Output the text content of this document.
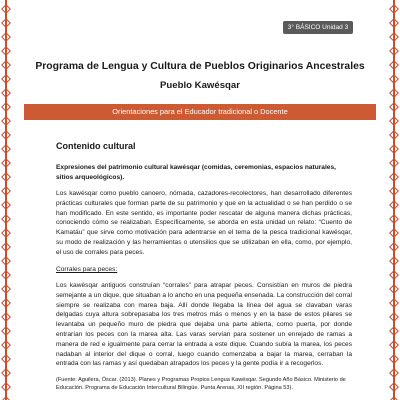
3° BÁSICO Unidad 3
Programa de Lengua y Cultura de Pueblos Originarios Ancestrales
Pueblo Kawésqar
Orientaciones para el Educador tradicional o Docente
Contenido cultural
Expresiones del patrimonio cultural kawésqar (comidas, ceremonias, espacios naturales, sitios arqueológicos).
Los kawésqar como pueblo canoero, nómada, cazadores-recolectores, han desarrollado diferentes prácticas culturales que forman parte de su patrimonio y que en la actualidad o se han perdido o se han modificado. En este sentido, es importante poder rescatar de alguna manera dichas prácticas, conociendo cómo se realizaban. Específicamente, se aborda en esta unidad un relato: “Cuento de Kamatáu” que sirve como motivación para adentrarse en el tema de la pesca tradicional kawésqar, su modo de realización y las herramientas o utensilios que se utilizaban en ella, como, por ejemplo, el uso de corrales para peces.
Corrales para peces:
Los kawésqar antiguos construían “corrales” para atrapar peces. Consistían en muros de piedra semejante a un dique, que situaban a lo ancho en una pequeña ensenada. La construcción del corral siempre se realizaba con marea baja. Allí donde llegaba la línea del agua se clavaban varas delgadas cuya altura sobrepasaba los tres metros más o menos y en la base de estos pilares se levantaba un pequeño muro de piedra que dejaba una parte abierta, como puerta, por donde entrarían los peces con la marea alta. Las varas servían para sostener un enrejado de ramas a manera de red e igualmente para cerrar la entrada a este dique. Cuando subía la marea, los peces nadaban al interior del dique o corral, luego cuando comenzaba a bajar la marea, cerraban la entrada con las ramas y así quedaban atrapados los peces y la gente podía ir a recogerlos.
(Fuente: Aguilera, Óscar. (2013). Planes y Programas Propios Lengua Kawésqar. Segundo Año Básico. Ministerio de Educación. Programa de Educación Intercultural Bilingüe. Punta Arenas, XII región. Página 53).
